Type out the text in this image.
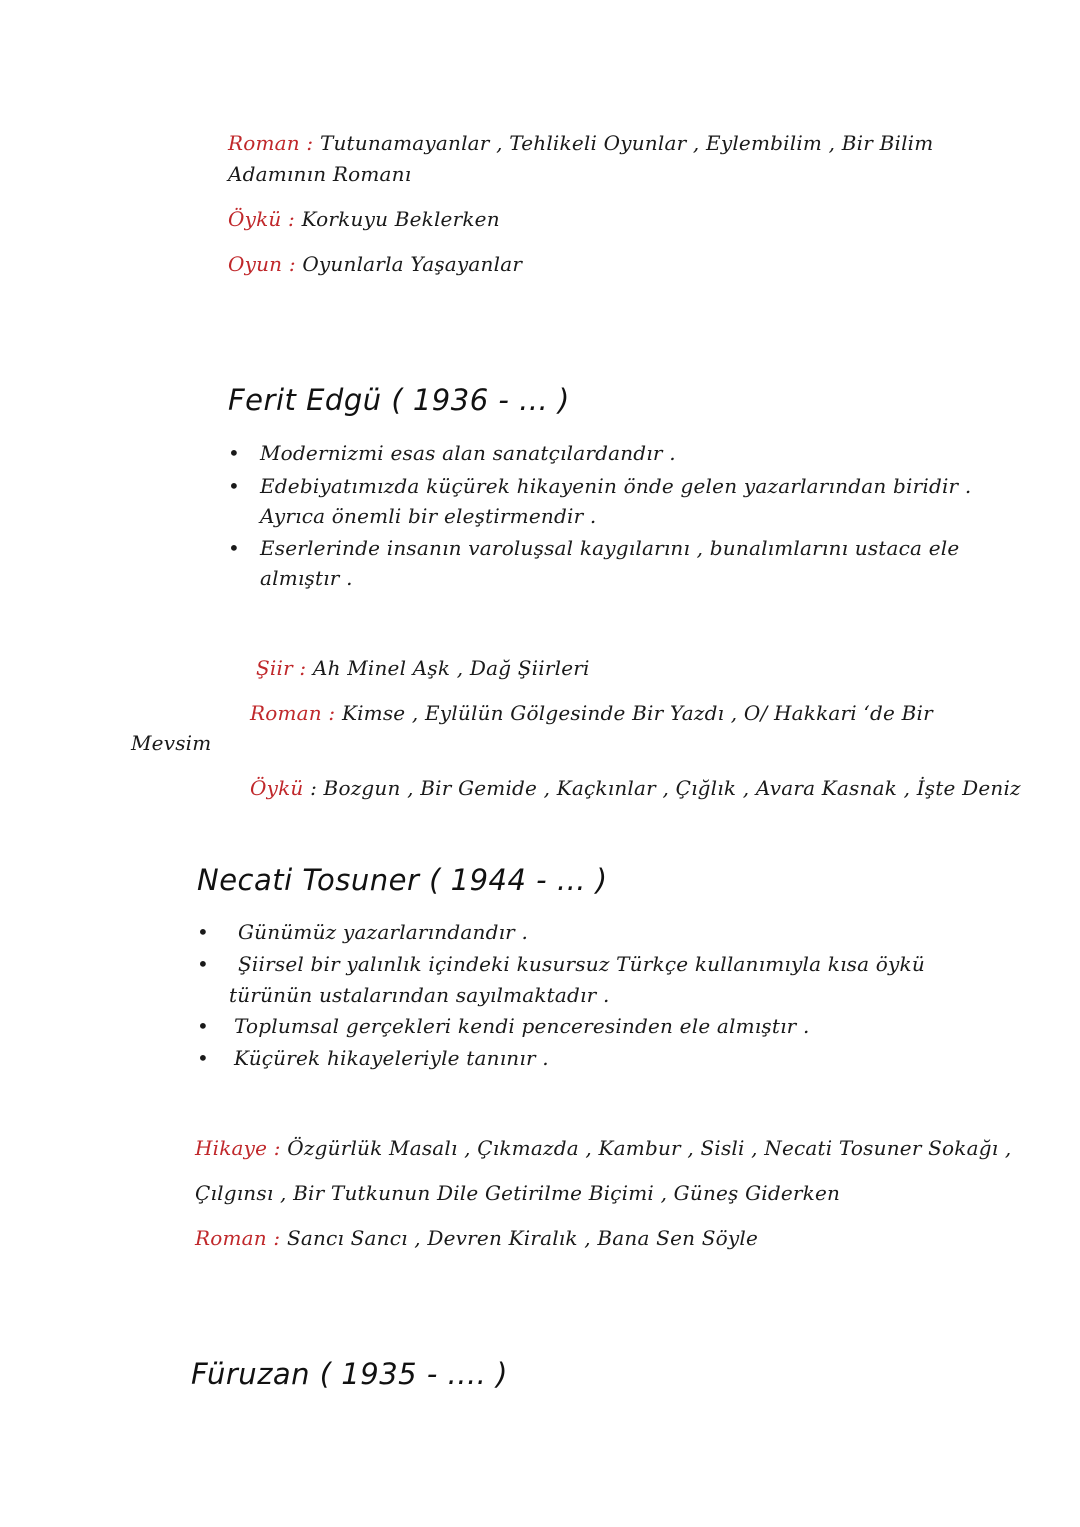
Roman : Tutunamayanlar , Tehlikeli Oyunlar , Eylembilim , Bir Bilim
Adamının Romanı
Öykü : Korkuyu Beklerken
Oyun : Oyunlarla Yaşayanlar
Ferit Edgü ( 1936 - ... )
•
Modernizmi esas alan sanatçılardandır .
•
Edebiyatımızda küçürek hikayenin önde gelen yazarlarından biridir .
Ayrıca önemli bir eleştirmendir .
•
Eserlerinde insanın varoluşsal kaygılarını , bunalımlarını ustaca ele
almıştır .
Şiir : Ah Minel Aşk , Dağ Şiirleri
Roman : Kimse , Eylülün Gölgesinde Bir Yazdı , O/ Hakkari ‘de Bir
Mevsim
Öykü : Bozgun , Bir Gemide , Kaçkınlar , Çığlık , Avara Kasnak , İşte Deniz
Necati Tosuner ( 1944 - ... )
•
Günümüz yazarlarındandır .
•
Şiirsel bir yalınlık içindeki kusursuz Türkçe kullanımıyla kısa öykü
türünün ustalarından sayılmaktadır .
•
Toplumsal gerçekleri kendi penceresinden ele almıştır .
•
Küçürek hikayeleriyle tanınır .
Hikaye : Özgürlük Masalı , Çıkmazda , Kambur , Sisli , Necati Tosuner Sokağı ,
Çılgınsı , Bir Tutkunun Dile Getirilme Biçimi , Güneş Giderken
Roman : Sancı Sancı , Devren Kiralık , Bana Sen Söyle
Füruzan ( 1935 - .... )
